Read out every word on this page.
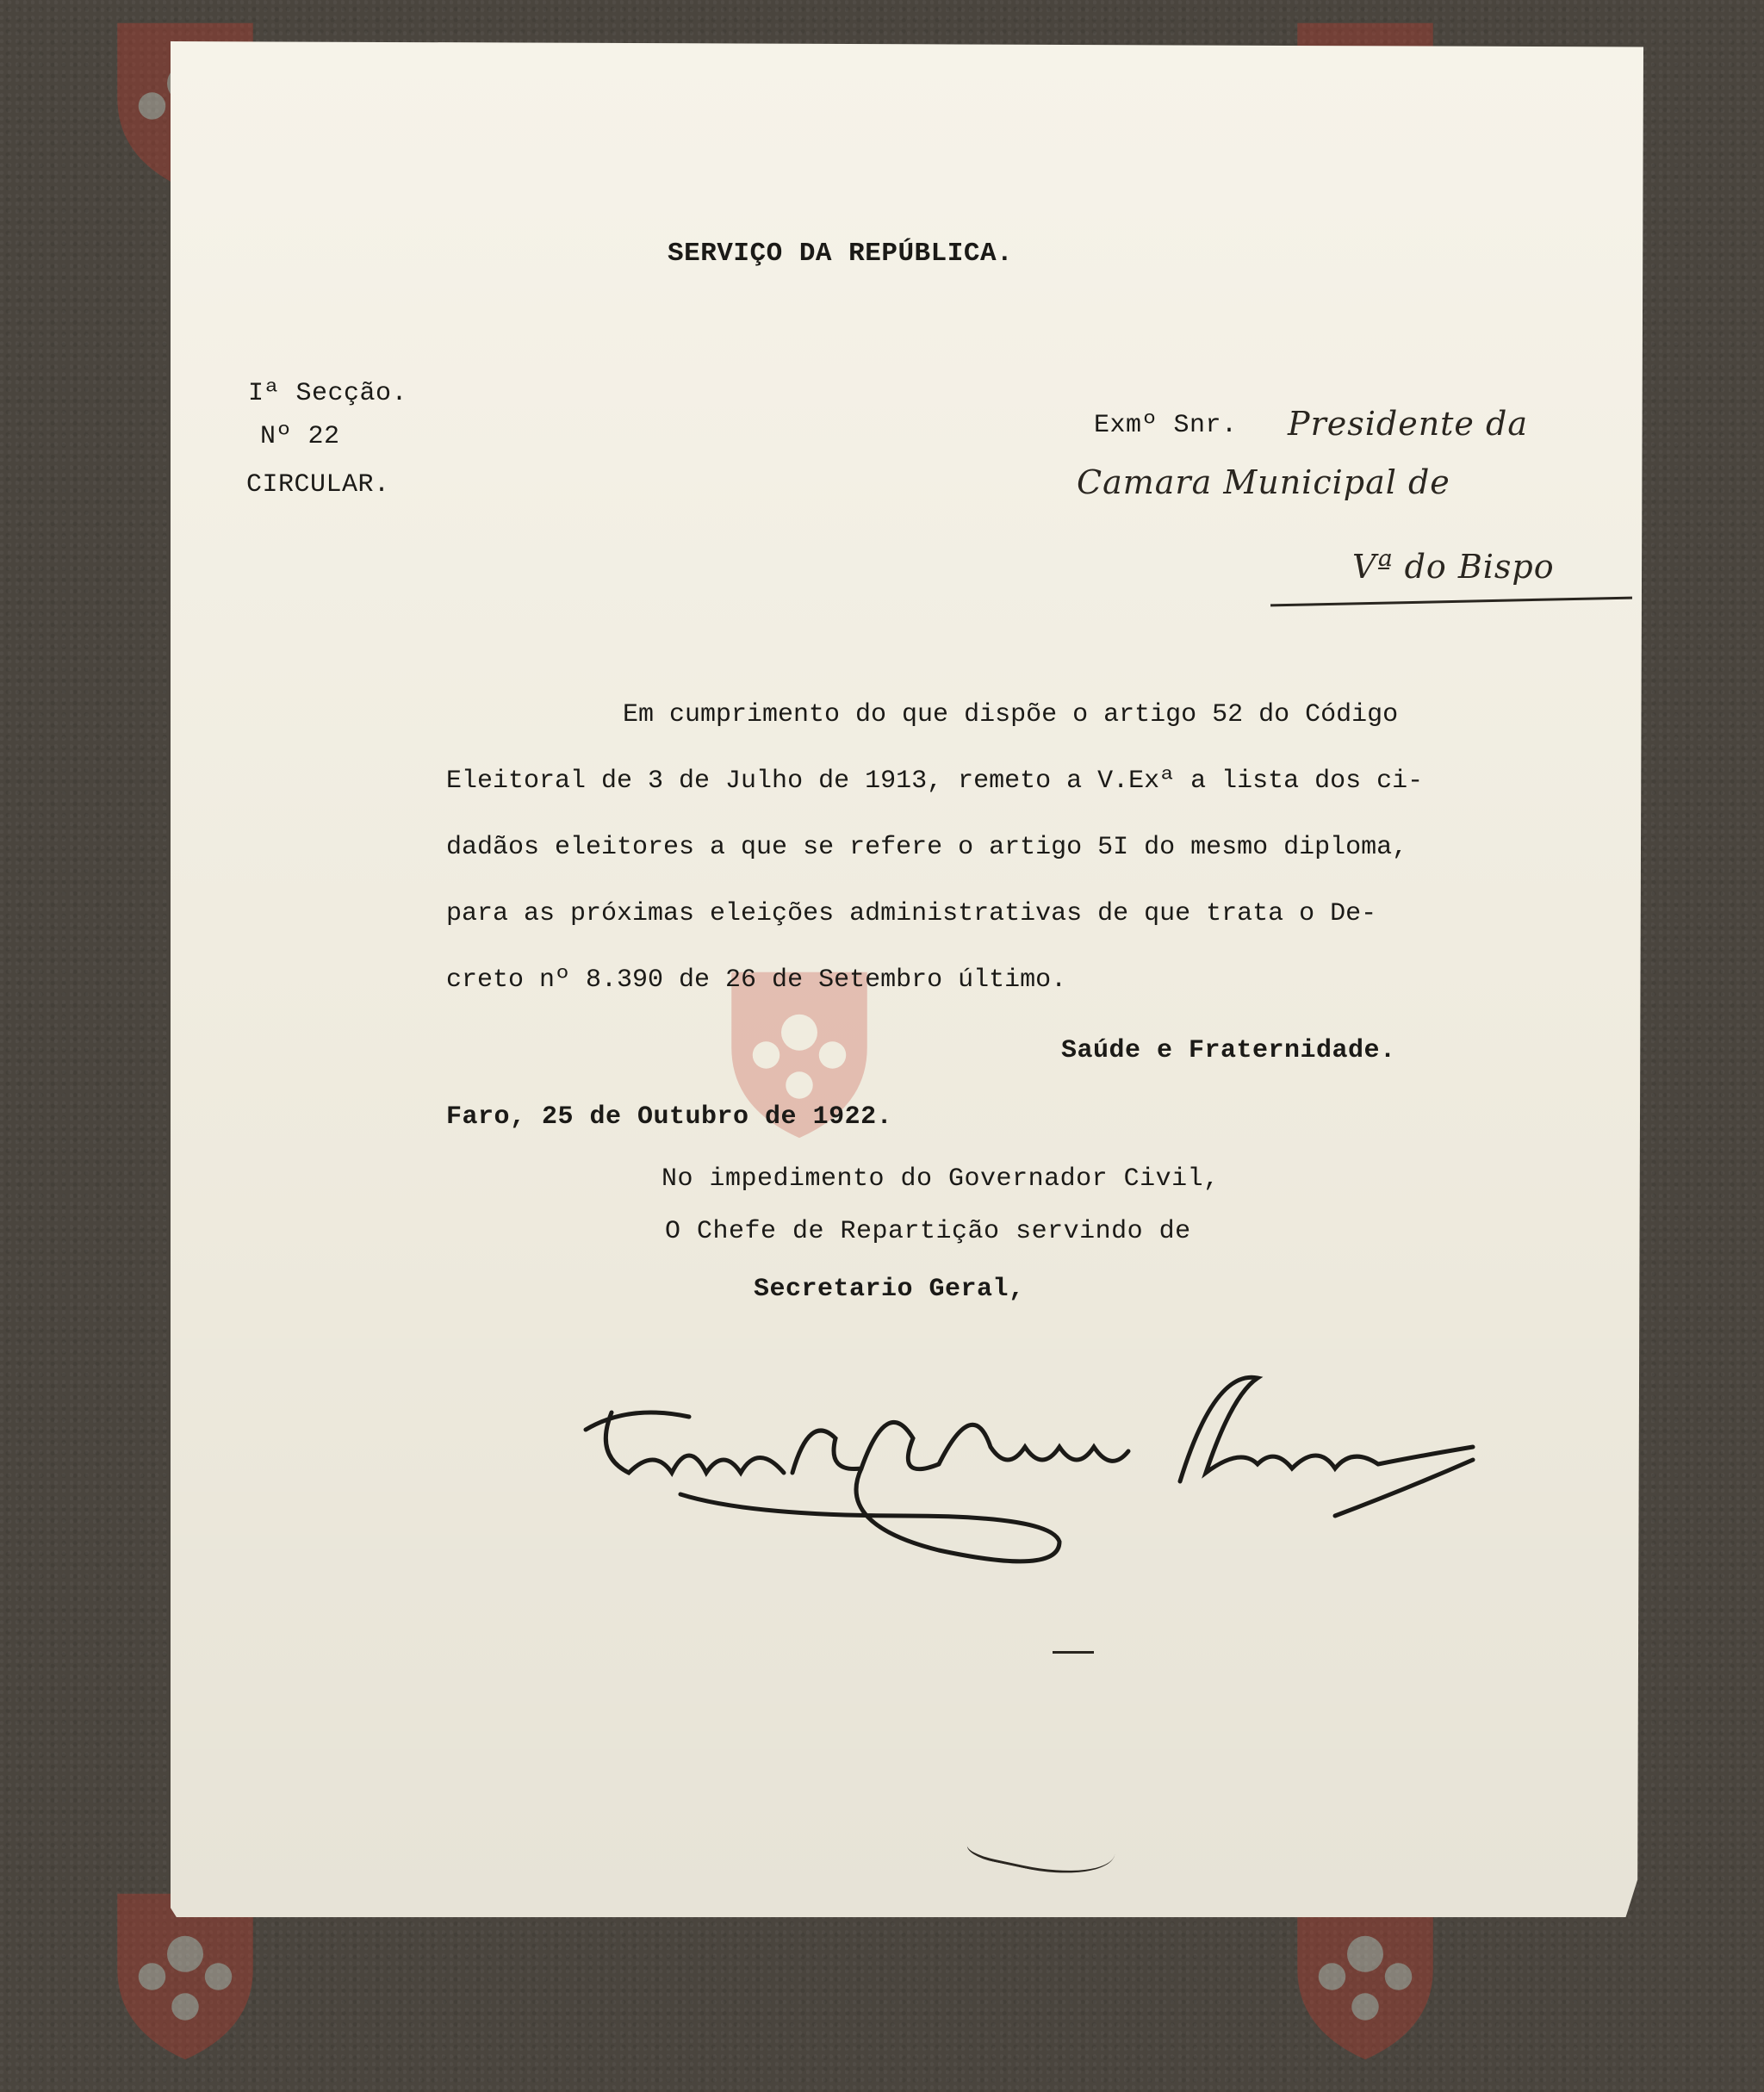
SERVIÇO DA REPÚBLICA.
Iª Secção.
Nº 22
CIRCULAR.
Exmº Snr. Presidente da
Camara Municipal de
Vª do Bispo
Em cumprimento do que dispõe o artigo 52 do Código
Eleitoral de 3 de Julho de 1913, remeto a V.Exª a lista dos ci-
dadãos eleitores a que se refere o artigo 5I do mesmo diploma,
para as próximas eleições administrativas de que trata o De-
creto nº 8.390 de 26 de Setembro último.
Saúde e Fraternidade.
Faro, 25 de Outubro de 1922.
No impedimento do Governador Civil,
O Chefe de Repartição servindo de
Secretario Geral,
